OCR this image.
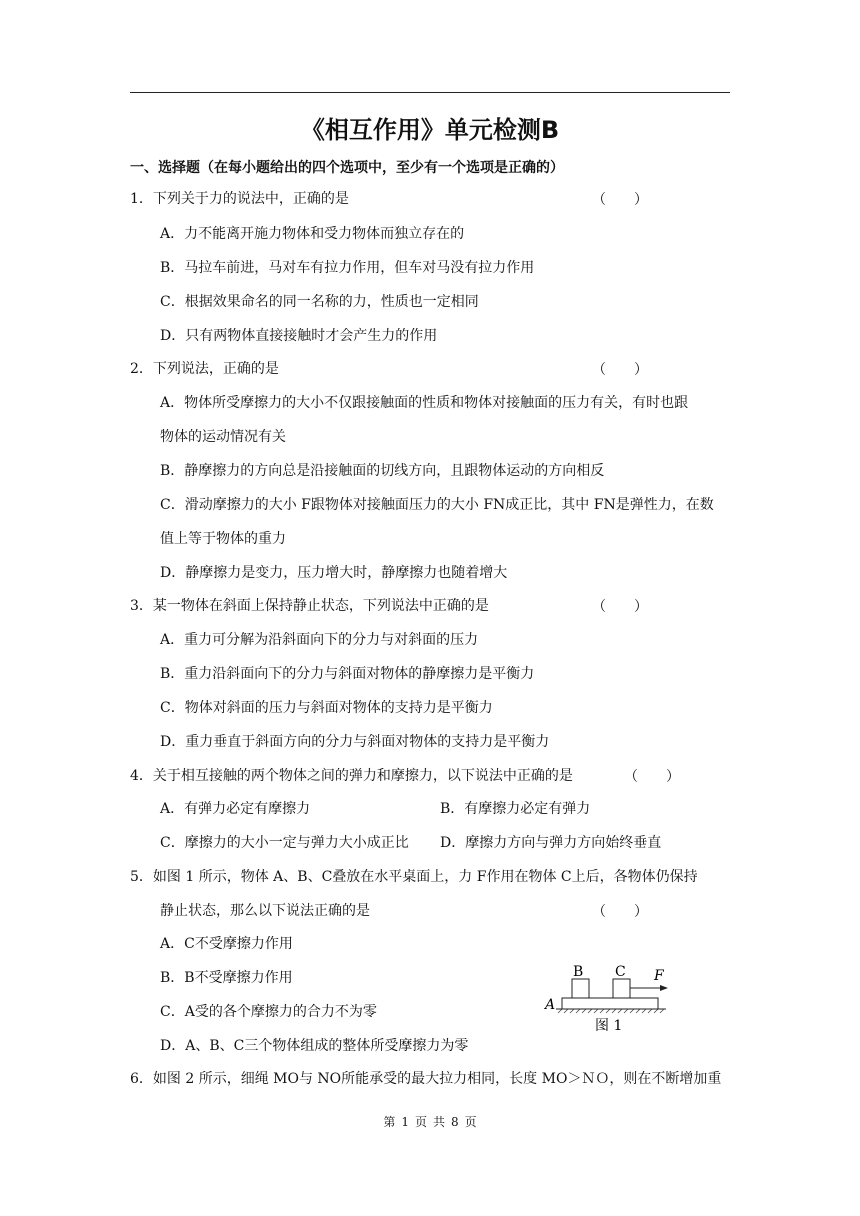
《相互作用》单元检测B
一、选择题（在每小题给出的四个选项中，至少有一个选项是正确的）
1．下列关于力的说法中，正确的是	（　　）
A．力不能离开施力物体和受力物体而独立存在的
B．马拉车前进，马对车有拉力作用，但车对马没有拉力作用
C．根据效果命名的同一名称的力，性质也一定相同
D．只有两物体直接接触时才会产生力的作用
2．下列说法，正确的是	（　　）
A．物体所受摩擦力的大小不仅跟接触面的性质和物体对接触面的压力有关，有时也跟
物体的运动情况有关
B．静摩擦力的方向总是沿接触面的切线方向，且跟物体运动的方向相反
C．滑动摩擦力的大小 F跟物体对接触面压力的大小 FN成正比，其中 FN是弹性力，在数
值上等于物体的重力
D．静摩擦力是变力，压力增大时，静摩擦力也随着增大
3．某一物体在斜面上保持静止状态，下列说法中正确的是	（　　）
A．重力可分解为沿斜面向下的分力与对斜面的压力
B．重力沿斜面向下的分力与斜面对物体的静摩擦力是平衡力
C．物体对斜面的压力与斜面对物体的支持力是平衡力
D．重力垂直于斜面方向的分力与斜面对物体的支持力是平衡力
4．关于相互接触的两个物体之间的弹力和摩擦力，以下说法中正确的是	（　　）
A．有弹力必定有摩擦力	B．有摩擦力必定有弹力
C．摩擦力的大小一定与弹力大小成正比 D．摩擦力方向与弹力方向始终垂直
5．如图 1 所示，物体 A、B、C叠放在水平桌面上，力 F作用在物体 C上后，各物体仍保持
静止状态，那么以下说法正确的是	（　　）
A．C不受摩擦力作用
B．B不受摩擦力作用
C．A受的各个摩擦力的合力不为零
D．A、B、C三个物体组成的整体所受摩擦力为零
B C F
A
图 1
6．如图 2 所示，细绳 MO与 NO所能承受的最大拉力相同，长度 MO＞ＮＯ，则在不断增加重
第 1 页 共 8 页
